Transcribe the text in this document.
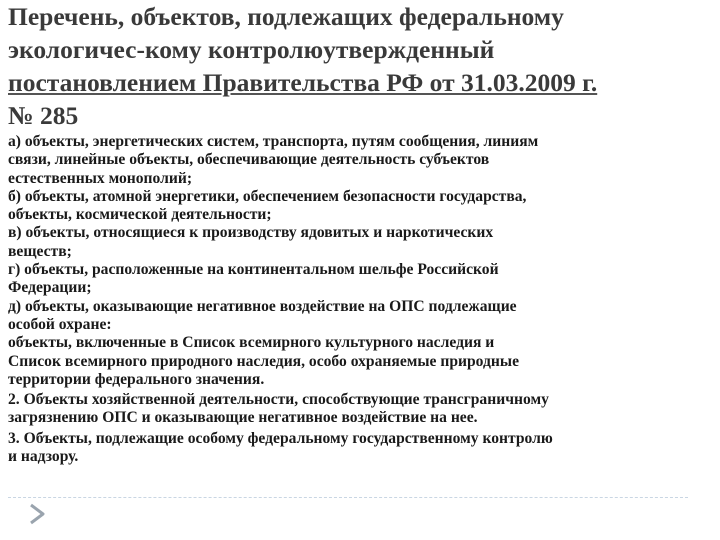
Перечень, объектов, подлежащих федеральному
экологичес-кому контролюутвержденный
постановлением Правительства РФ от 31.03.2009 г.
№ 285
а) объекты, энергетических систем, транспорта, путям сообщения, линиям
связи, линейные объекты, обеспечивающие деятельность субъектов
естественных монополий;
б) объекты, атомной энергетики, обеспечением безопасности государства,
объекты, космической деятельности;
в) объекты, относящиеся к производству ядовитых и наркотических
веществ;
г) объекты, расположенные на континентальном шельфе Российской
Федерации;
д) объекты, оказывающие негативное воздействие на ОПС подлежащие
особой охране:
объекты, включенные в Список всемирного культурного наследия и
Список всемирного природного наследия, особо охраняемые природные
территории федерального значения.
2. Объекты хозяйственной деятельности, способствующие трансграничному
загрязнению ОПС и оказывающие негативное воздействие на нее.
3. Объекты, подлежащие особому федеральному государственному контролю
и надзору.
